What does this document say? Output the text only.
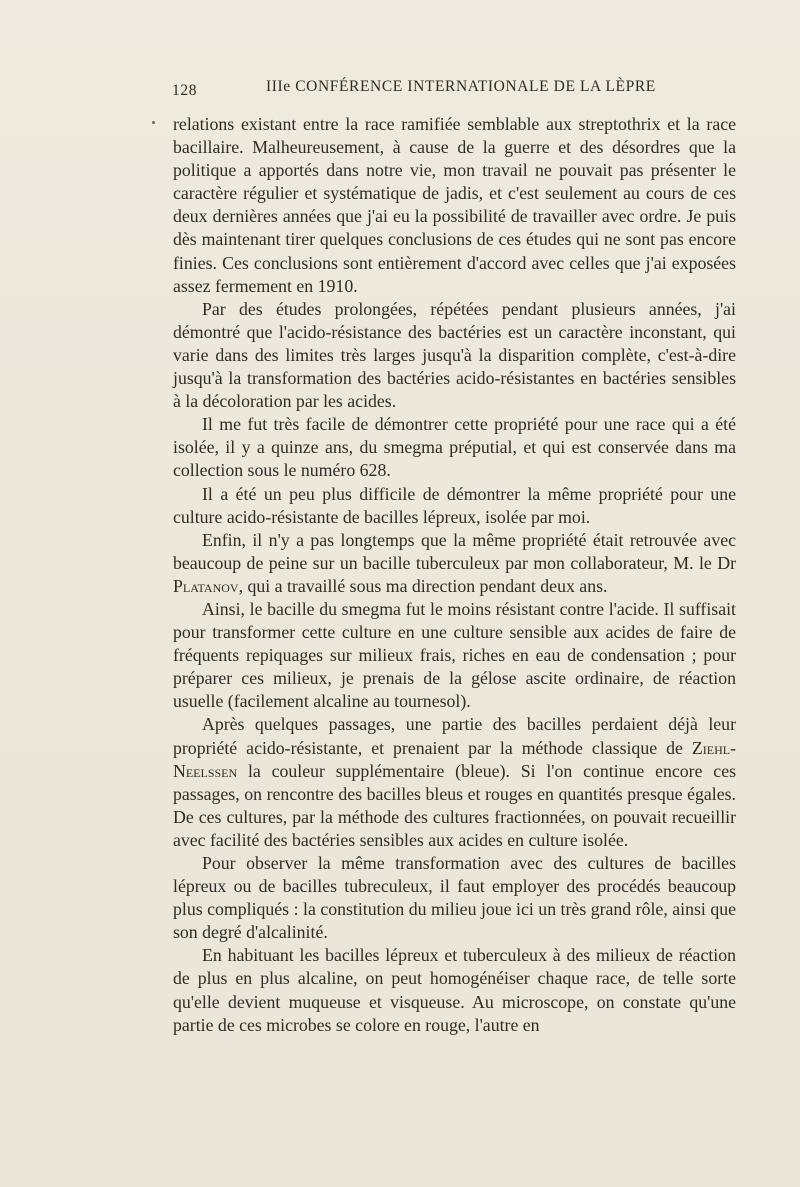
128	IIIe CONFÉRENCE INTERNATIONALE DE LA LÈPRE

relations existant entre la race ramifiée semblable aux streptothrix et la race bacillaire. Malheureusement, à cause de la guerre et des désordres que la politique a apportés dans notre vie, mon travail ne pouvait pas présenter le caractère régulier et systématique de jadis, et c'est seulement au cours de ces deux dernières années que j'ai eu la possibilité de travailler avec ordre. Je puis dès maintenant tirer quelques conclusions de ces études qui ne sont pas encore finies. Ces conclusions sont entièrement d'accord avec celles que j'ai exposées assez fermement en 1910.

Par des études prolongées, répétées pendant plusieurs années, j'ai démontré que l'acido-résistance des bactéries est un caractère inconstant, qui varie dans des limites très larges jusqu'à la disparition complète, c'est-à-dire jusqu'à la transformation des bactéries acido-résistantes en bactéries sensibles à la décoloration par les acides.

Il me fut très facile de démontrer cette propriété pour une race qui a été isolée, il y a quinze ans, du smegma préputial, et qui est conservée dans ma collection sous le numéro 628.

Il a été un peu plus difficile de démontrer la même propriété pour une culture acido-résistante de bacilles lépreux, isolée par moi.

Enfin, il n'y a pas longtemps que la même propriété était retrouvée avec beaucoup de peine sur un bacille tuberculeux par mon collaborateur, M. le Dr Platanov, qui a travaillé sous ma direction pendant deux ans.

Ainsi, le bacille du smegma fut le moins résistant contre l'acide. Il suffisait pour transformer cette culture en une culture sensible aux acides de faire de fréquents repiquages sur milieux frais, riches en eau de condensation ; pour préparer ces milieux, je prenais de la gélose ascite ordinaire, de réaction usuelle (facilement alcaline au tournesol).

Après quelques passages, une partie des bacilles perdaient déjà leur propriété acido-résistante, et prenaient par la méthode classique de Ziehl-Neelssen la couleur supplémentaire (bleue). Si l'on continue encore ces passages, on rencontre des bacilles bleus et rouges en quantités presque égales. De ces cultures, par la méthode des cultures fractionnées, on pouvait recueillir avec facilité des bactéries sensibles aux acides en culture isolée.

Pour observer la même transformation avec des cultures de bacilles lépreux ou de bacilles tubreculeux, il faut employer des procédés beaucoup plus compliqués : la constitution du milieu joue ici un très grand rôle, ainsi que son degré d'alcalinité.

En habituant les bacilles lépreux et tuberculeux à des milieux de réaction de plus en plus alcaline, on peut homogénéiser chaque race, de telle sorte qu'elle devient muqueuse et visqueuse. Au microscope, on constate qu'une partie de ces microbes se colore en rouge, l'autre en
